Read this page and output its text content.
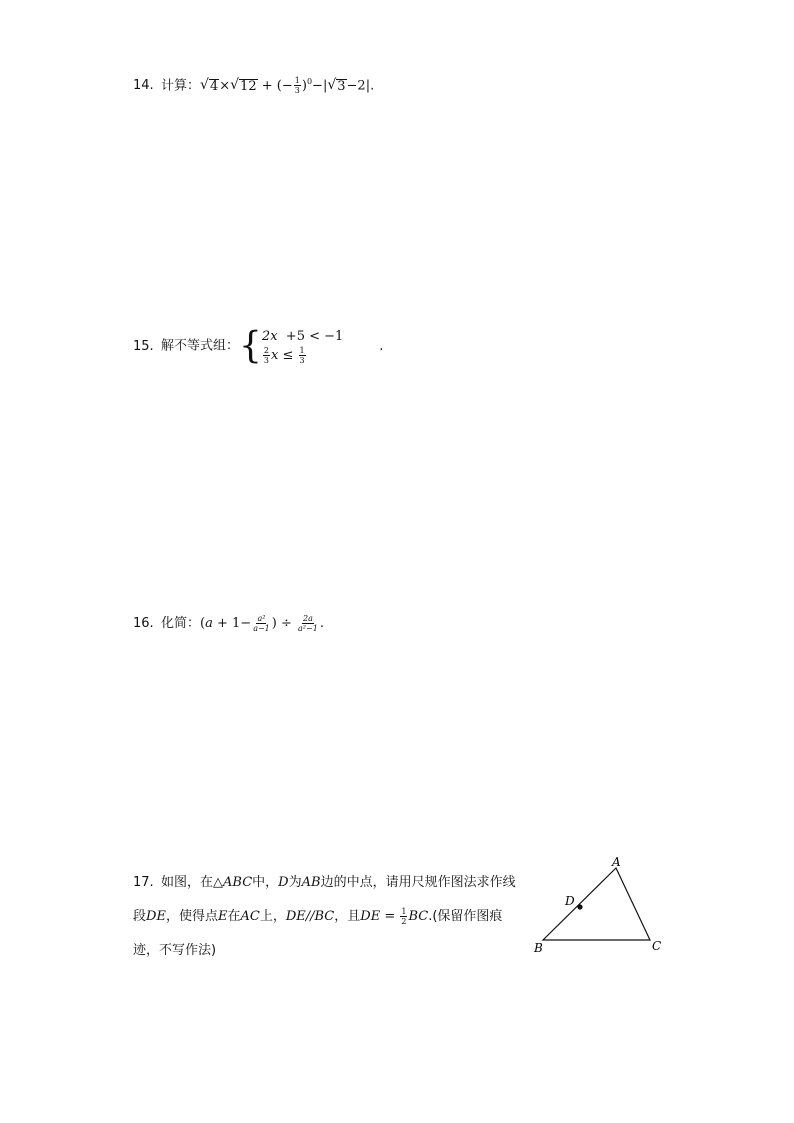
14. 计算： √ 4 × √ 12 + (− $\frac{1}{3} )^0-|$ √ 3 −2|.
15. 解不等式组：{ 2x +5 < −1
$\frac{2}{3}$ $x \le \frac{1}{3}$	.
16. 化简：($a + 1- \frac{\text{a²}}{a-1}$ ) ÷ $\frac{2a}{\text{a²−1}}$ .
17. 如图，在△ABC中，D为AB边的中点，请用尺规作图法求作线段DE，使得点E在AC上，DE//BC，且DE = $\frac{1}{2} BC$.(保留作图痕迹，不写作法)
A
B	C
D
